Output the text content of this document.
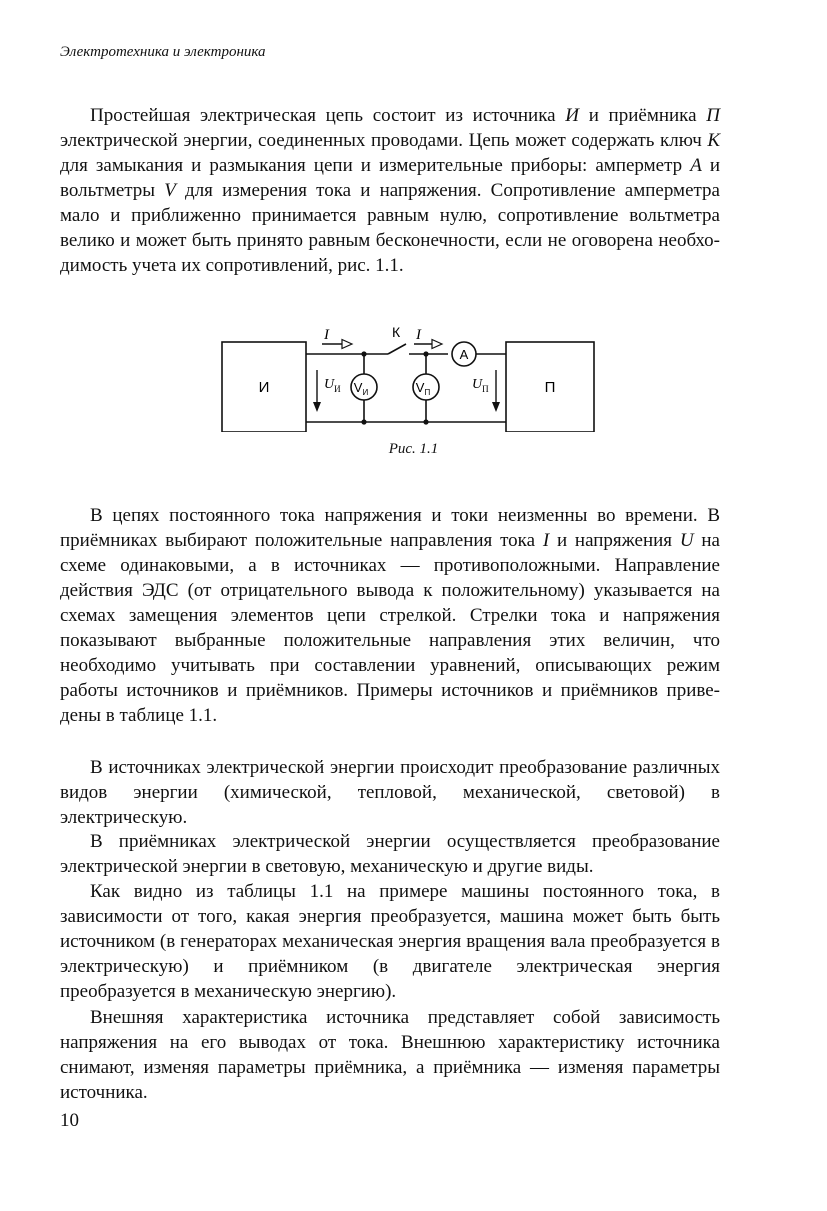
Электротехника и электроника

Простейшая электрическая цепь состоит из источника И и приёмника П электрической энергии, соединенных проводами. Цепь может содержать ключ К для замыкания и размыкания цепи и измерительные приборы: амперметр А и вольтметры V для измерения тока и напряжения. Сопротивление амперметра мало и приближенно принимается равным нулю, сопротивление вольтметра велико и может быть принято равным бесконечности, если не оговорена необходимость учета их сопротивлений, рис. 1.1.

И	П
А
$V_И$	$V_П$
I	К I
$U_И$	$U_П$
Рис. 1.1

В цепях постоянного тока напряжения и токи неизменны во времени. В приёмниках выбирают положительные направления тока I и напряжения U на схеме одинаковыми, а в источниках — противоположными. Направление действия ЭДС (от отрицательного вывода к положительному) указывается на схемах замещения элементов цепи стрелкой. Стрелки тока и напряжения показывают выбранные положительные направления этих величин, что необходимо учитывать при составлении уравнений, описывающих режим работы источников и приёмников. Примеры источников и приёмников приведены в таблице 1.1.

В источниках электрической энергии происходит преобразование различных видов энергии (химической, тепловой, механической, световой) в электрическую.

В приёмниках электрической энергии осуществляется преобразование электрической энергии в световую, механическую и другие виды.

Как видно из таблицы 1.1 на примере машины постоянного тока, в зависимости от того, какая энергия преобразуется, машина может быть быть источником (в генераторах механическая энергия вращения вала преобразуется в электрическую) и приёмником (в двигателе электрическая энергия преобразуется в механическую энергию).

Внешняя характеристика источника представляет собой зависимость напряжения на его выводах от тока. Внешнюю характеристику источника снимают, изменяя параметры приёмника, а приёмника — изменяя параметры источника.

10
